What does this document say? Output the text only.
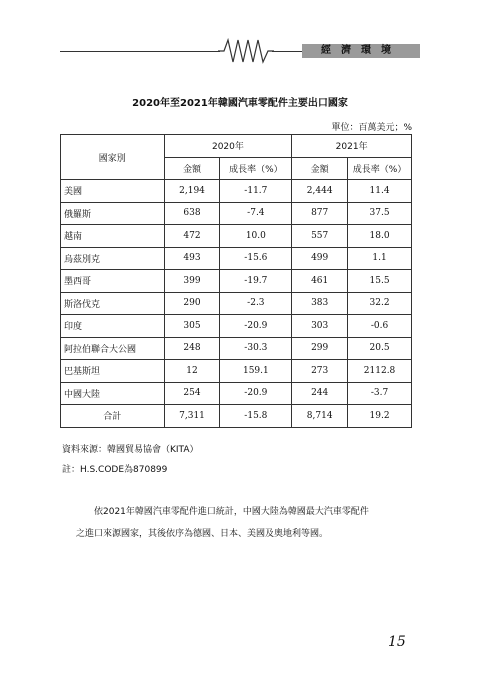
經濟環境
2020年至2021年韓國汽車零配件主要出口國家
單位：百萬美元；%
國家別	2020年		2021年	
	金額	成長率（%）	金額	成長率（%）
美國	2,194	-11.7	2,444	11.4
俄羅斯	638	-7.4	877	37.5
越南	472	10.0	557	18.0
烏茲別克	493	-15.6	499	1.1
墨西哥	399	-19.7	461	15.5
斯洛伐克	290	-2.3	383	32.2
印度	305	-20.9	303	-0.6
阿拉伯聯合大公國	248	-30.3	299	20.5
巴基斯坦	12	159.1	273	2112.8
中國大陸	254	-20.9	244	-3.7
合計	7,311	-15.8	8,714	19.2
資料來源：韓國貿易協會（KITA）
註：H.S.CODE為870899
依2021年韓國汽車零配件進口統計，中國大陸為韓國最大汽車零配件
之進口來源國家，其後依序為德國、日本、美國及奧地利等國。
15
